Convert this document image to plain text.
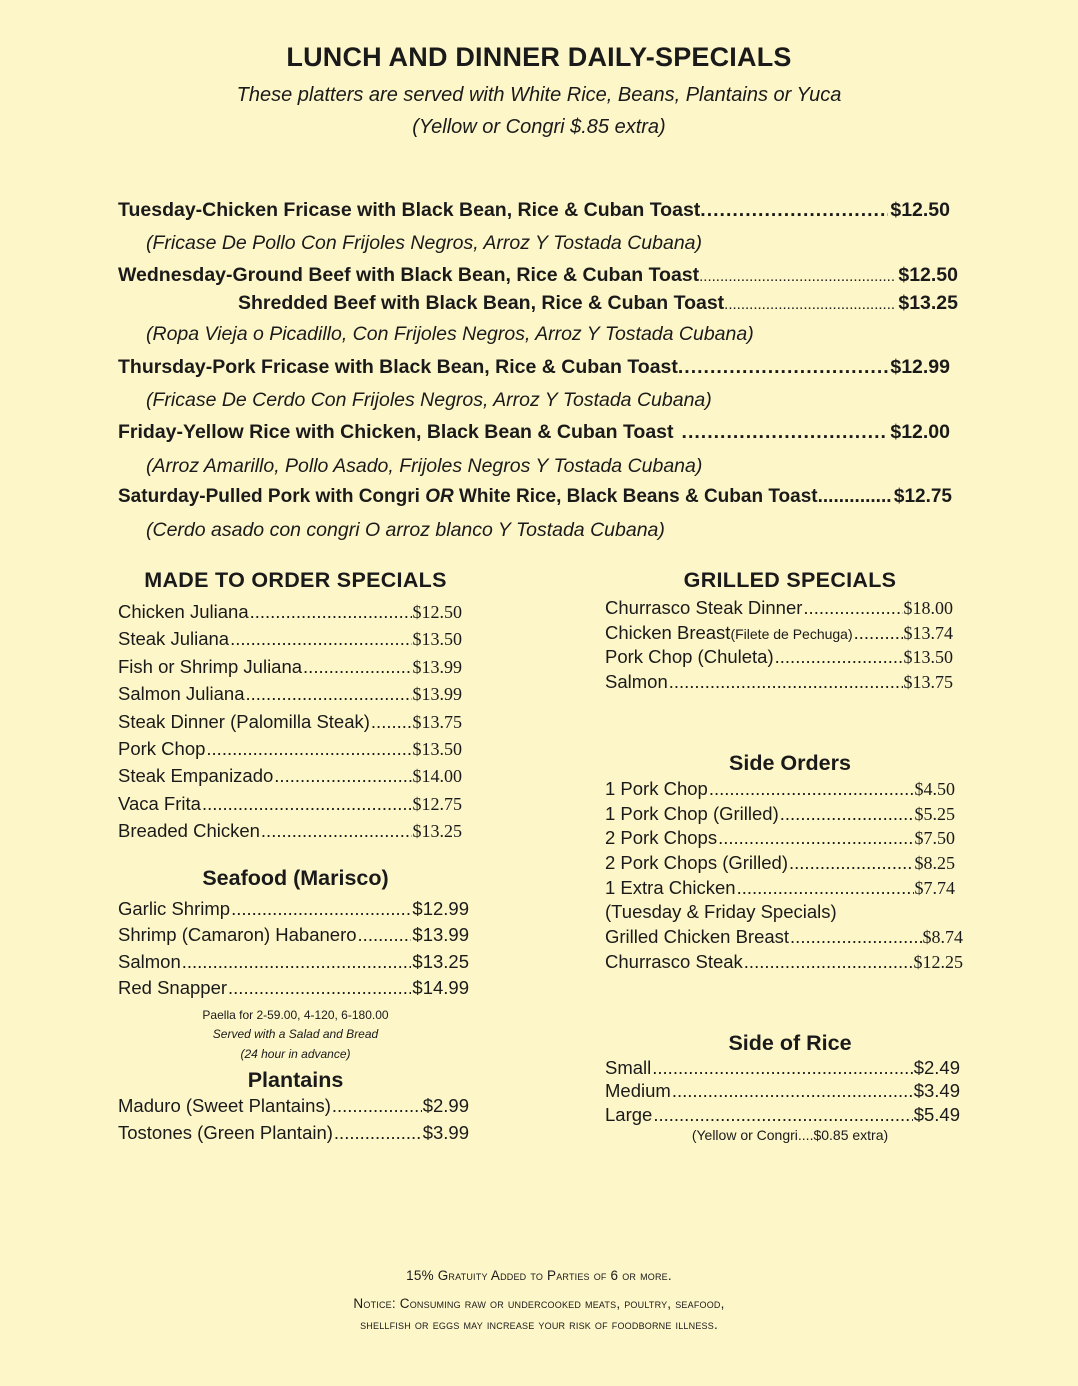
LUNCH AND DINNER DAILY-SPECIALS
These platters are served with White Rice, Beans, Plantains or Yuca
(Yellow or Congri $.85 extra)
Tuesday-Chicken Fricase with Black Bean, Rice & Cuban Toast .....	$12.50
(Fricase De Pollo Con Frijoles Negros, Arroz Y Tostada Cubana)
Wednesday-Ground Beef with Black Bean, Rice & Cuban Toast .....	$12.50
Shredded Beef with Black Bean, Rice & Cuban Toast .....	$13.25
(Ropa Vieja o Picadillo, Con Frijoles Negros, Arroz Y Tostada Cubana)
Thursday-Pork Fricase with Black Bean, Rice & Cuban Toast .....	$12.99
(Fricase De Cerdo Con Frijoles Negros, Arroz Y Tostada Cubana)
Friday-Yellow Rice with Chicken, Black Bean & Cuban Toast .....	$12.00
(Arroz Amarillo, Pollo Asado, Frijoles Negros Y Tostada Cubana)
Saturday-Pulled Pork with Congri OR White Rice, Black Beans & Cuban Toast .....	$12.75
(Cerdo asado con congri O arroz blanco Y Tostada Cubana)
MADE TO ORDER SPECIALS
Chicken Juliana .....	$12.50
Steak Juliana .....	$13.50
Fish or Shrimp Juliana .....	$13.99
Salmon Juliana .....	$13.99
Steak Dinner (Palomilla Steak) ..... $13.75
Pork Chop .....	$13.50
Steak Empanizado .....	$14.00
Vaca Frita .....	$12.75
Breaded Chicken .....	$13.25
Seafood (Marisco)
Garlic Shrimp .....	$12.99
Shrimp (Camaron) Habanero .....	$13.99
Salmon .....	$13.25
Red Snapper .....	$14.99
Paella for 2-59.00, 4-120, 6-180.00
Served with a Salad and Bread
(24 hour in advance)
Plantains
Maduro (Sweet Plantains) .....	$2.99
Tostones (Green Plantain) .....	$3.99
GRILLED SPECIALS
Churrasco Steak Dinner .....	$18.00
Chicken Breast (Filete de Pechuga) .....	$13.74
Pork Chop (Chuleta) .....	$13.50
Salmon .....	$13.75
Side Orders
1 Pork Chop .....	$4.50
1 Pork Chop (Grilled) .....	$5.25
2 Pork Chops .....	$7.50
2 Pork Chops (Grilled) .....	$8.25
1 Extra Chicken .....	$7.74
(Tuesday & Friday Specials)
Side of Rice
Small .....	$2.49
Medium .....	$3.49
Large .....	$5.49
(Yellow or Congri....$0.85 extra)
15% Gratuity Added to Parties of 6 or more.
Notice: Consuming raw or undercooked meats, poultry, seafood,
shellfish or eggs may increase your risk of foodborne illness.
Grilled Chicken Breast .....	$8.74
Churrasco Steak .....	$12.25
